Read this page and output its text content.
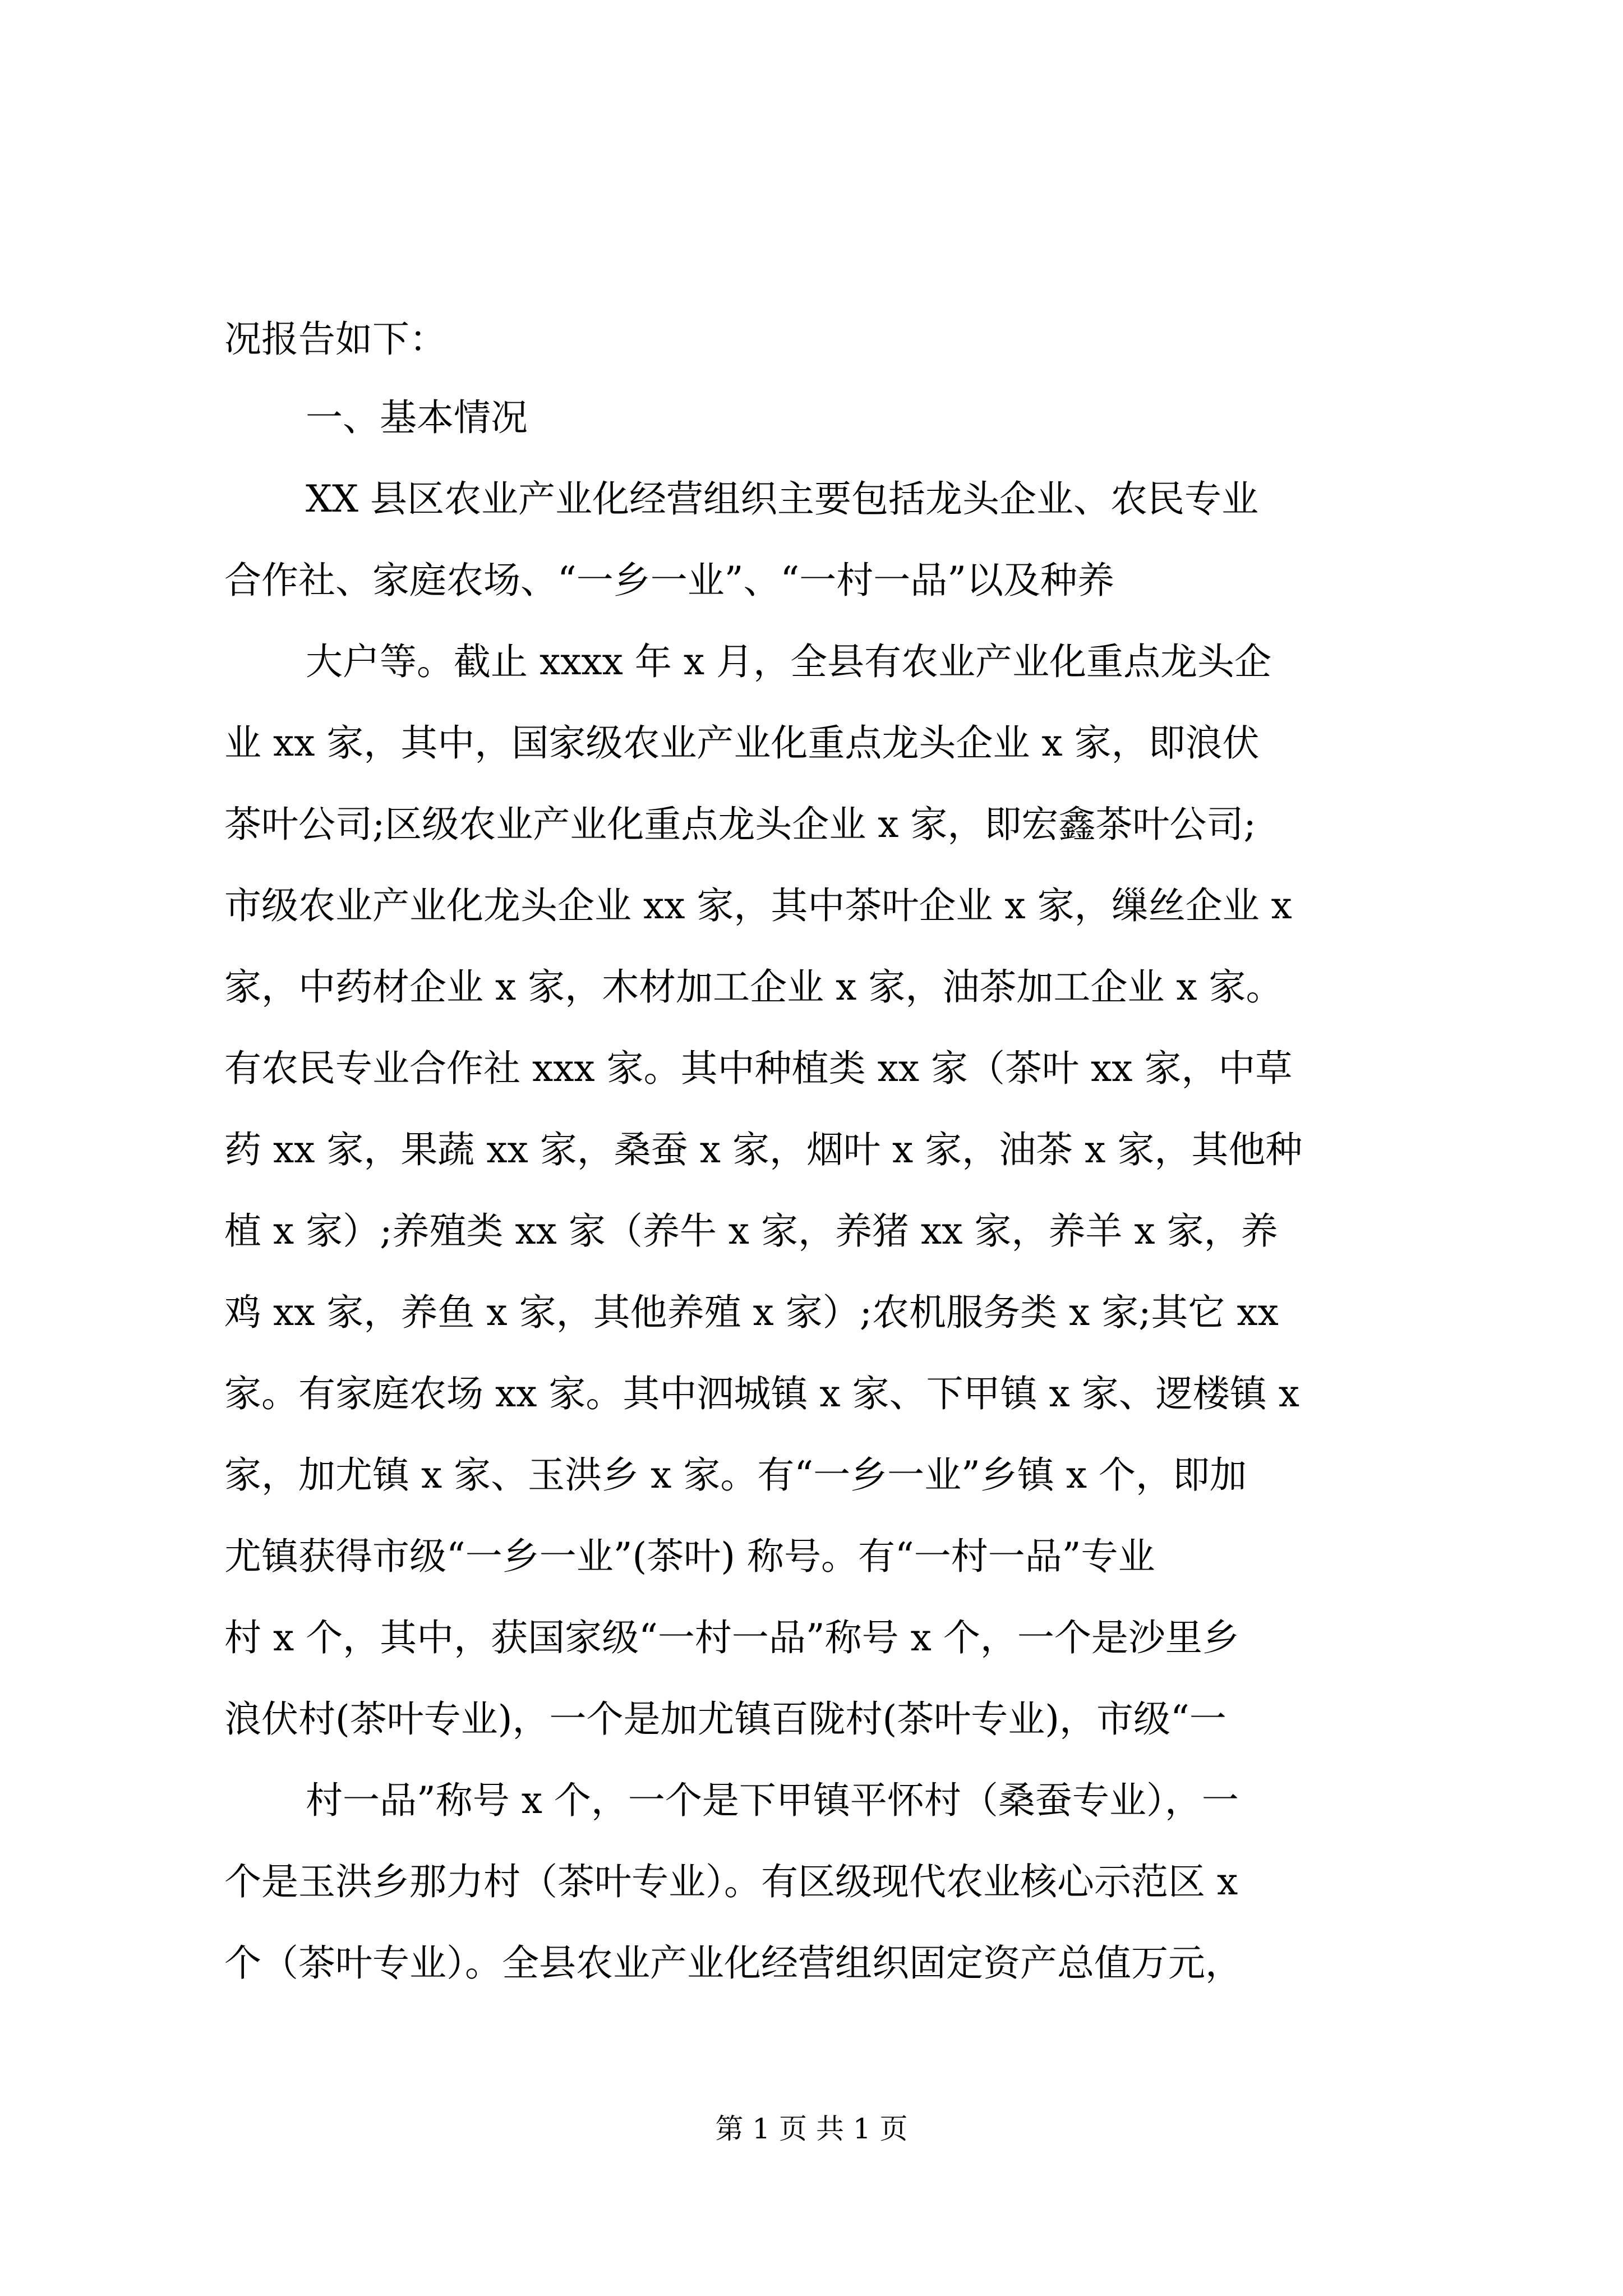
况报告如下：
一、基本情况
XX 县区农业产业化经营组织主要包括龙头企业、农民专业
合作社、家庭农场、“一乡一业”、“一村一品”以及种养
大户等。截止 xxxx 年 x 月，全县有农业产业化重点龙头企
业 xx 家，其中，国家级农业产业化重点龙头企业 x 家，即浪伏
茶叶公司;区级农业产业化重点龙头企业 x 家，即宏鑫茶叶公司;
市级农业产业化龙头企业 xx 家，其中茶叶企业 x 家，缫丝企业 x
家，中药材企业 x 家，木材加工企业 x 家，油茶加工企业 x 家。
有农民专业合作社 xxx 家。其中种植类 xx 家（茶叶 xx 家，中草
药 xx 家，果蔬 xx 家，桑蚕 x 家，烟叶 x 家，油茶 x 家，其他种
植 x 家）;养殖类 xx 家（养牛 x 家，养猪 xx 家，养羊 x 家，养
鸡 xx 家，养鱼 x 家，其他养殖 x 家）;农机服务类 x 家;其它 xx
家。有家庭农场 xx 家。其中泗城镇 x 家、下甲镇 x 家、逻楼镇 x
家，加尤镇 x 家、玉洪乡 x 家。有“一乡一业”乡镇 x 个，即加
尤镇获得市级“一乡一业”(茶叶) 称号。有“一村一品”专业
村 x 个，其中，获国家级“一村一品”称号 x 个，一个是沙里乡
浪伏村(茶叶专业)，一个是加尤镇百陇村(茶叶专业)，市级“一
村一品”称号 x 个，一个是下甲镇平怀村（桑蚕专业），一
个是玉洪乡那力村（茶叶专业）。有区级现代农业核心示范区 x
个（茶叶专业）。全县农业产业化经营组织固定资产总值万元，
第 1 页 共 1 页
